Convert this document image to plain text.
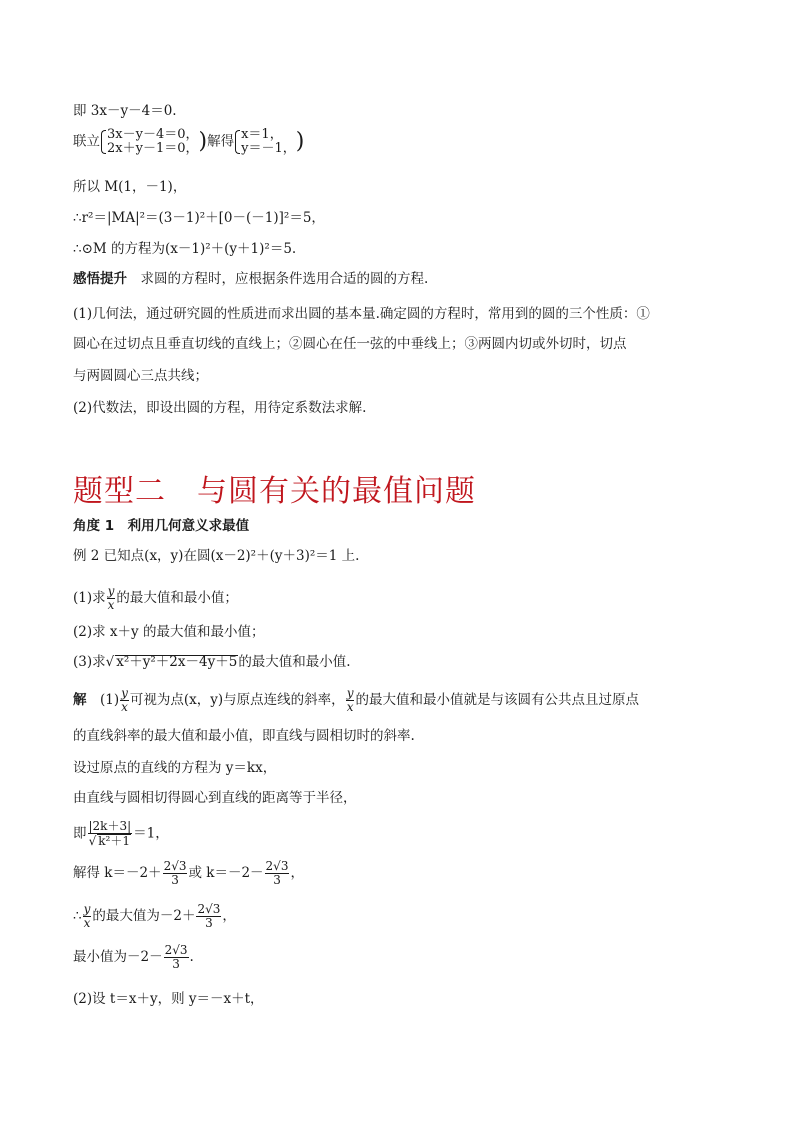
即 3x－y－4＝0.
联立 3x－y－4＝0，
2x＋y－1＝0， )解得 x＝1，
y＝－1， )
所以 M(1，－1)，
∴r²＝|MA|²＝(3－1)²＋[0－(－1)]²＝5，
∴⊙M 的方程为(x－1)²＋(y＋1)²＝5.
感悟提升　求圆的方程时，应根据条件选用合适的圆的方程.
(1)几何法，通过研究圆的性质进而求出圆的基本量.确定圆的方程时，常用到的圆的三个性质：①
圆心在过切点且垂直切线的直线上；②圆心在任一弦的中垂线上；③两圆内切或外切时，切点
与两圆圆心三点共线；
(2)代数法，即设出圆的方程，用待定系数法求解.
题型二　与圆有关的最值问题
角度 1　利用几何意义求最值
例 2 已知点(x，y)在圆(x－2)²＋(y＋3)²＝1 上.
(1)求 $\frac{y}{x}$ 的最大值和最小值；
(2)求 x＋y 的最大值和最小值；
(3)求√ x²＋y²＋2x－4y＋5的最大值和最小值.
解　$(1) \frac{y}{x}$ 可视为点(x，y)与原点连线的斜率， $\frac{y}{x}$ 的最大值和最小值就是与该圆有公共点且过原点
的直线斜率的最大值和最小值，即直线与圆相切时的斜率.
设过原点的直线的方程为 y＝kx，
由直线与圆相切得圆心到直线的距离等于半径，
即 $\frac{|2k+3|}{\text{√ k²＋1}} =1$，
解得 $k=-2+ \frac{2√3}{3}$ 或 $k=-2- \frac{2√3}{3}$ ，
∴ $\frac{y}{x}$ 的最大值为$-2+ \frac{2√3}{3}$ ，
最小值为$-2- \frac{2√3}{3}$ .
(2)设 t＝x＋y，则 y＝－x＋t，
